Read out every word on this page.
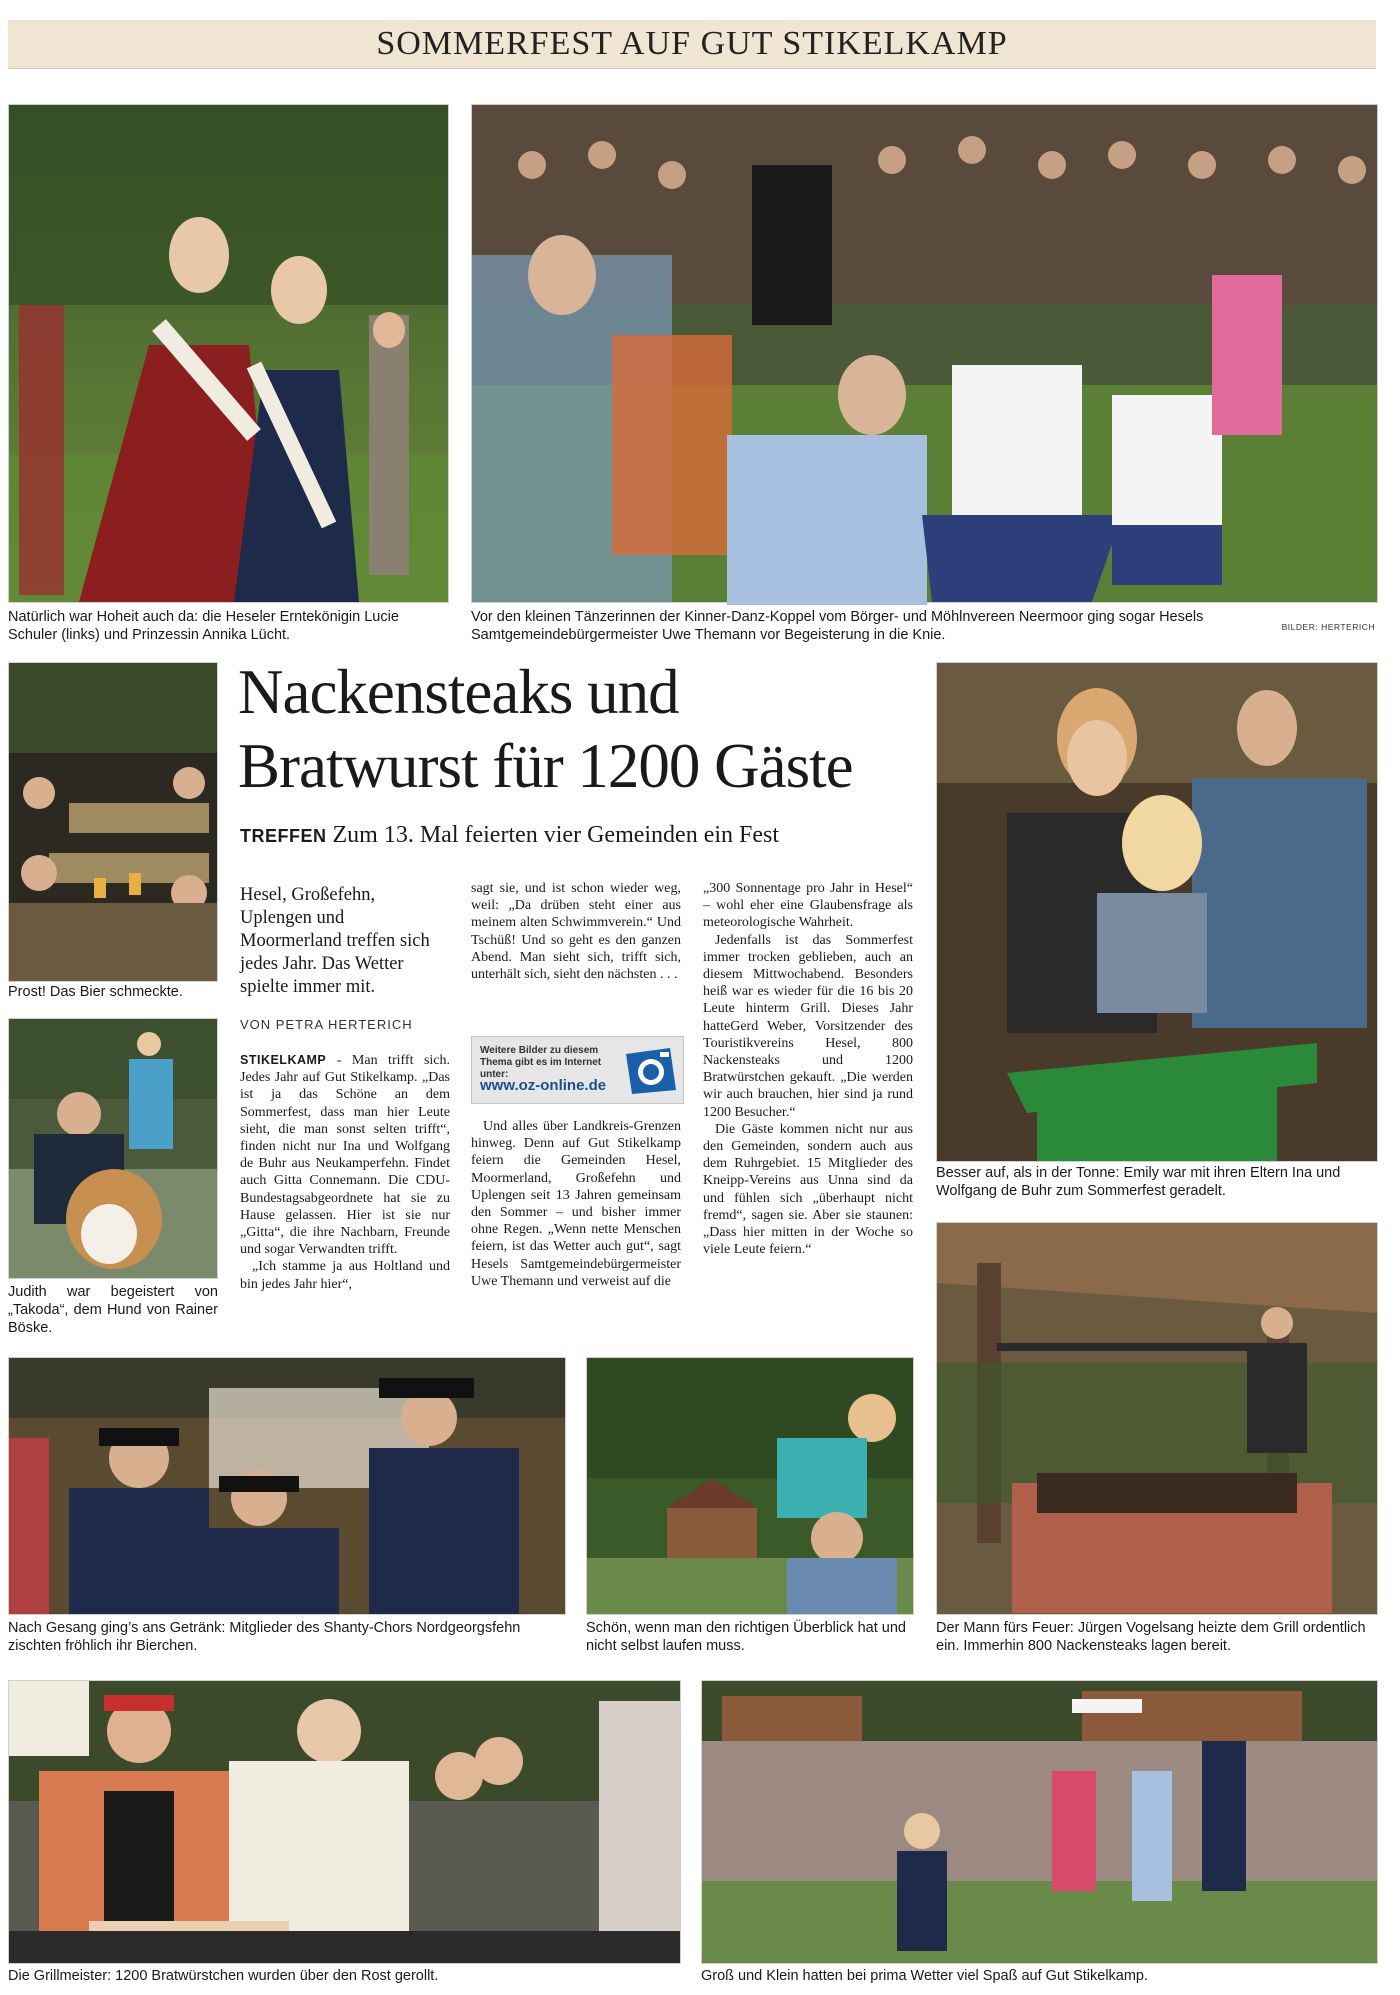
SOMMERFEST AUF GUT STIKELKAMP
Natürlich war Hoheit auch da: die Heseler Erntekönigin Lucie Schuler (links) und Prinzessin Annika Lücht.	BILDER: HERTERICH
Vor den kleinen Tänzerinnen der Kinner-Danz-Koppel vom Börger- und Möhlnvereen Neermoor ging sogar Hesels Samtgemeindebürgermeister Uwe Themann vor Begeisterung in die Knie.
Prost! Das Bier schmeckte.
Judith war begeistert von „Takoda“, dem Hund von Rainer Böske.
Nackensteaks und
Bratwurst für 1200 Gäste
TREFFEN Zum 13. Mal feierten vier Gemeinden ein Fest
Hesel, Großefehn, Uplengen und Moormerland treffen sich jedes Jahr. Das Wetter spielte immer mit.
VON PETRA HERTERICH

STIKELKAMP - Man trifft sich. Jedes Jahr auf Gut Stikelkamp. „Das ist ja das Schöne an dem Sommerfest, dass man hier Leute sieht, die man sonst selten trifft“, finden nicht nur Ina und Wolfgang de Buhr aus Neukamperfehn. Findet auch Gitta Connemann. Die CDU-Bundestagsabgeordnete hat sie zu Hause gelassen. Hier ist sie nur „Gitta“, die ihre Nachbarn, Freunde und sogar Verwandten trifft.

„Ich stamme ja aus Holtland und bin jedes Jahr hier“,

sagt sie, und ist schon wieder weg, weil: „Da drüben steht einer aus meinem alten Schwimmverein.“ Und Tschüß! Und so geht es den ganzen Abend. Man sieht sich, trifft sich, unterhält sich, sieht den nächsten . . .

Weitere Bilder zu diesem Thema gibt es im Internet unter:
www.oz-online.de

Und alles über Landkreis-Grenzen hinweg. Denn auf Gut Stikelkamp feiern die Gemeinden Hesel, Moormerland, Großefehn und Uplengen seit 13 Jahren gemeinsam den Sommer – und bisher immer ohne Regen. „Wenn nette Menschen feiern, ist das Wetter auch gut“, sagt Hesels Samtgemeindebürgermeister Uwe Themann und verweist auf die

„300 Sonnentage pro Jahr in Hesel“ – wohl eher eine Glaubensfrage als meteorologische Wahrheit.

Jedenfalls ist das Sommerfest immer trocken geblieben, auch an diesem Mittwochabend. Besonders heiß war es wieder für die 16 bis 20 Leute hinterm Grill. Dieses Jahr hatteGerd Weber, Vorsitzender des Touristikvereins Hesel, 800 Nackensteaks und 1200 Bratwürstchen gekauft. „Die werden wir auch brauchen, hier sind ja rund 1200 Besucher.“

Die Gäste kommen nicht nur aus den Gemeinden, sondern auch aus dem Ruhrgebiet. 15 Mitglieder des Kneipp-Vereins aus Unna sind da und fühlen sich „überhaupt nicht fremd“, sagen sie. Aber sie staunen: „Dass hier mitten in der Woche so viele Leute feiern.“

Besser auf, als in der Tonne: Emily war mit ihren Eltern Ina und Wolfgang de Buhr zum Sommerfest geradelt.
Der Mann fürs Feuer: Jürgen Vogelsang heizte dem Grill ordentlich ein. Immerhin 800 Nackensteaks lagen bereit.
Nach Gesang ging’s ans Getränk: Mitglieder des Shanty-Chors Nordgeorgsfehn zischten fröhlich ihr Bierchen.
Schön, wenn man den richtigen Überblick hat und nicht selbst laufen muss.
Die Grillmeister: 1200 Bratwürstchen wurden über den Rost gerollt.	Groß und Klein hatten bei prima Wetter viel Spaß auf Gut Stikelkamp.
